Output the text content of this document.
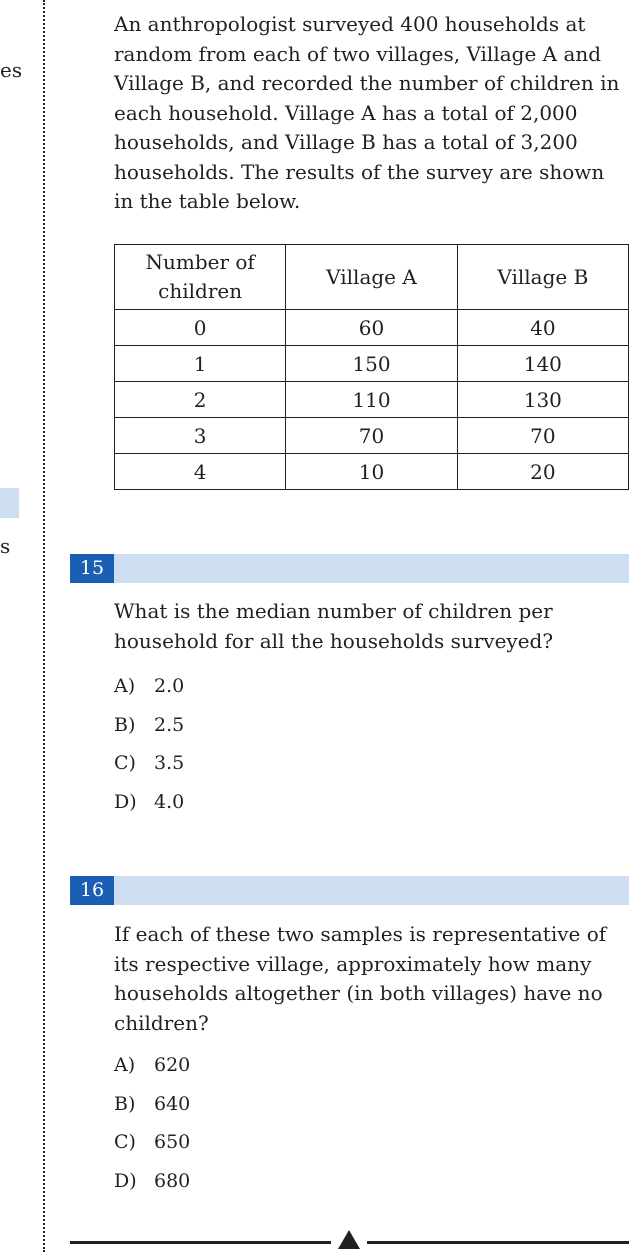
es
s

An anthropologist surveyed 400 households at random from each of two villages, Village A and Village B, and recorded the number of children in each household. Village A has a total of 2,000 households, and Village B has a total of 3,200 households. The results of the survey are shown in the table below.

Number of children	Village A	Village B
0	60	40
1	150	140
2	110	130
3	70	70
4	10	20
15

What is the median number of children per household for all the households surveyed?

A) 2.0
B) 2.5
C) 3.5
D) 4.0
16

If each of these two samples is representative of its respective village, approximately how many households altogether (in both villages) have no children?

A) 620
B) 640
C) 650
D) 680
